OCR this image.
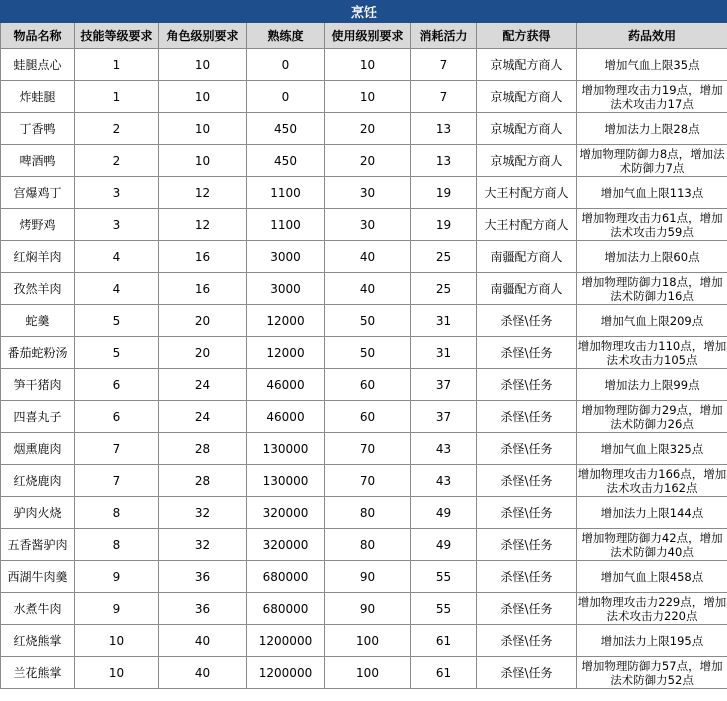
烹饪							
物品名称	技能等级要求	角色级别要求	熟练度	使用级别要求	消耗活力	配方获得	药品效用
蛙腿点心	1	10	0	10	7	京城配方商人	增加气血上限35点
炸蛙腿	1	10	0	10	7	京城配方商人	增加物理攻击力19点，增加法术攻击力17点
丁香鸭	2	10	450	20	13	京城配方商人	增加法力上限28点
啤酒鸭	2	10	450	20	13	京城配方商人	增加物理防御力8点，增加法术防御力7点
宫爆鸡丁	3	12	1100	30	19	大王村配方商人	增加气血上限113点
烤野鸡	3	12	1100	30	19	大王村配方商人	增加物理攻击力61点，增加法术攻击力59点
红焖羊肉	4	16	3000	40	25	南疆配方商人	增加法力上限60点
孜然羊肉	4	16	3000	40	25	南疆配方商人	增加物理防御力18点，增加法术防御力16点
蛇羹	5	20	12000	50	31	杀怪\任务	增加气血上限209点
番茄蛇粉汤	5	20	12000	50	31	杀怪\任务	增加物理攻击力110点，增加法术攻击力105点
笋干猪肉	6	24	46000	60	37	杀怪\任务	增加法力上限99点
四喜丸子	6	24	46000	60	37	杀怪\任务	增加物理防御力29点，增加法术防御力26点
烟熏鹿肉	7	28	130000	70	43	杀怪\任务	增加气血上限325点
红烧鹿肉	7	28	130000	70	43	杀怪\任务	增加物理攻击力166点，增加法术攻击力162点
驴肉火烧	8	32	320000	80	49	杀怪\任务	增加法力上限144点
五香酱驴肉	8	32	320000	80	49	杀怪\任务	增加物理防御力42点，增加法术防御力40点
西湖牛肉羹	9	36	680000	90	55	杀怪\任务	增加气血上限458点
水煮牛肉	9	36	680000	90	55	杀怪\任务	增加物理攻击力229点，增加法术攻击力220点
红烧熊掌	10	40	1200000	100	61	杀怪\任务	增加法力上限195点
兰花熊掌	10	40	1200000	100	61	杀怪\任务	增加物理防御力57点，增加法术防御力52点
